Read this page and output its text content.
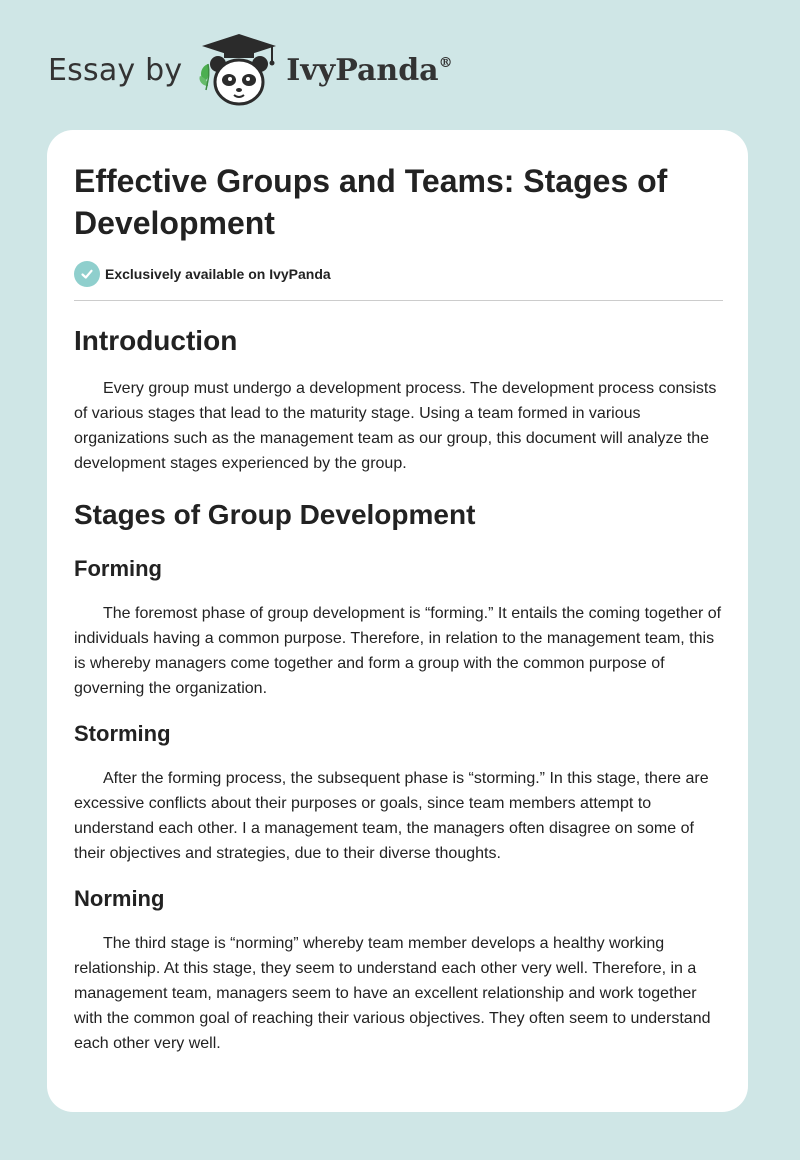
Essay by	IvyPanda®
Effective Groups and Teams: Stages of Development
Exclusively available on IvyPanda
Introduction

Every group must undergo a development process. The development process consists of various stages that lead to the maturity stage. Using a team formed in various organizations such as the management team as our group, this document will analyze the development stages experienced by the group.

Stages of Group Development
Forming

The foremost phase of group development is “forming.” It entails the coming together of individuals having a common purpose. Therefore, in relation to the management team, this is whereby managers come together and form a group with the common purpose of governing the organization.

Storming

After the forming process, the subsequent phase is “storming.” In this stage, there are excessive conflicts about their purposes or goals, since team members attempt to understand each other. I a management team, the managers often disagree on some of their objectives and strategies, due to their diverse thoughts.

Norming

The third stage is “norming” whereby team member develops a healthy working relationship. At this stage, they seem to understand each other very well. Therefore, in a management team, managers seem to have an excellent relationship and work together with the common goal of reaching their various objectives. They often seem to understand each other very well.
